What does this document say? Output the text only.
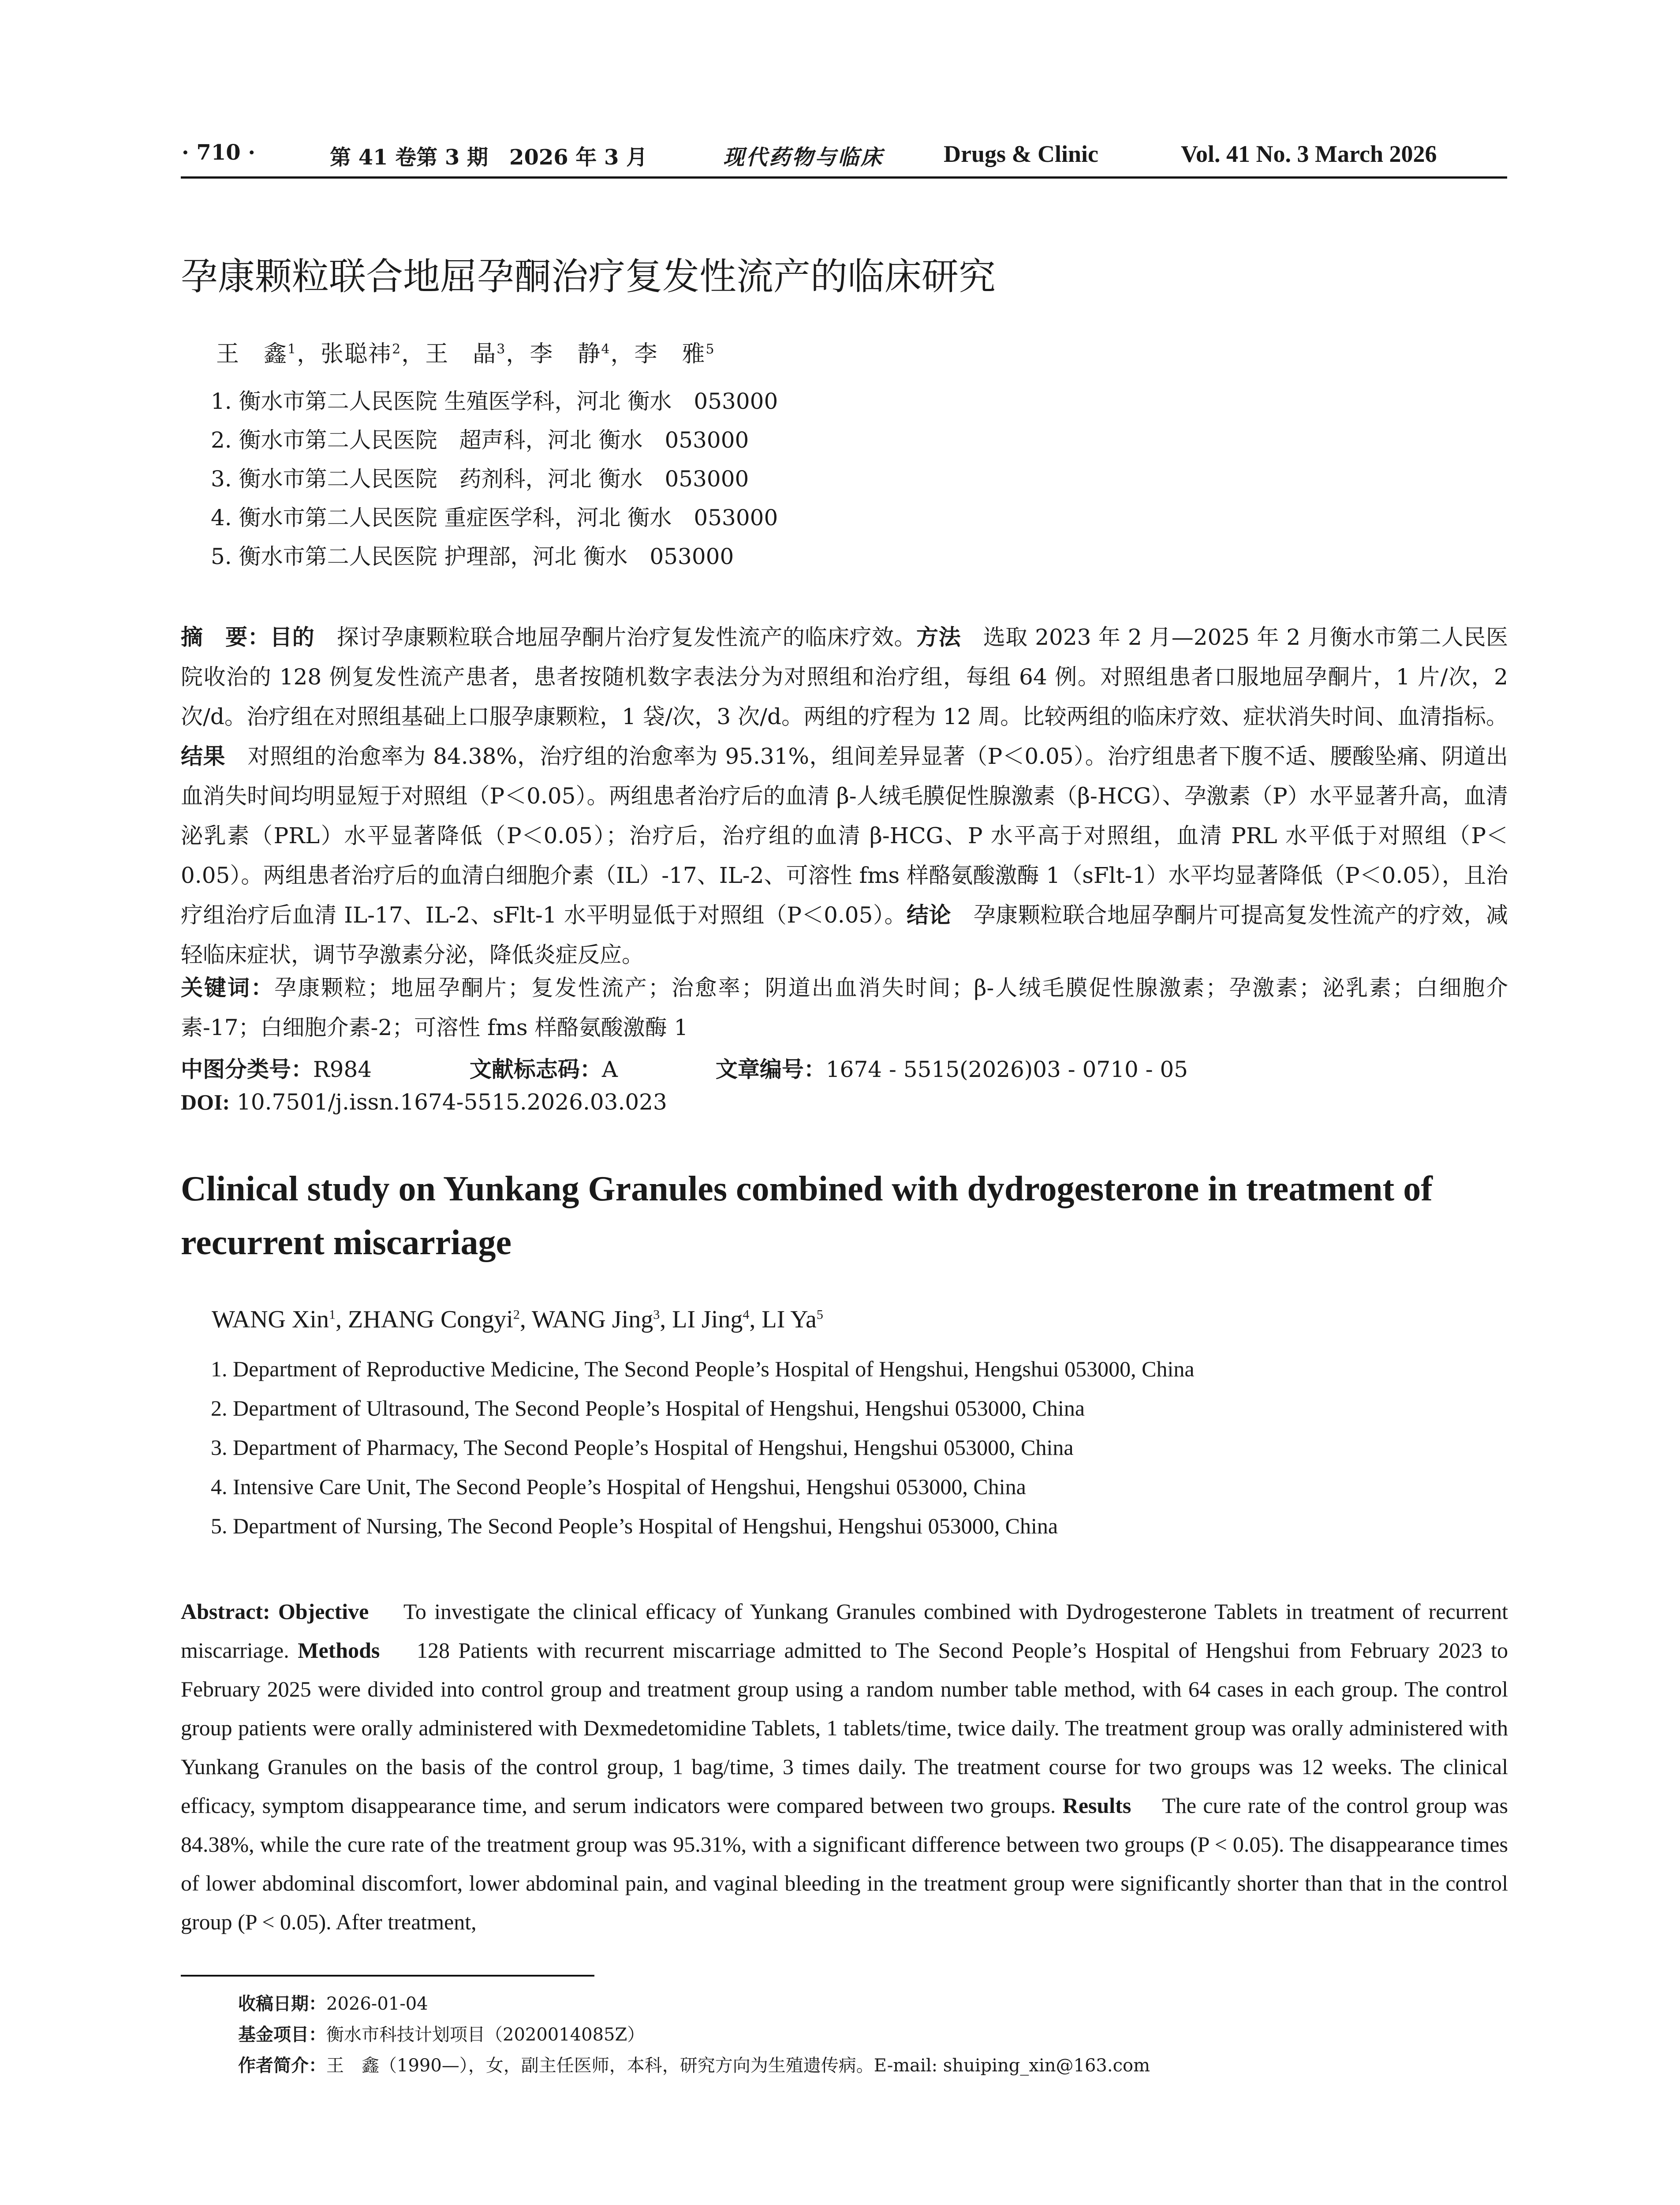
· 710 ·	第 41 卷第 3 期　2026 年 3 月	现代药物与临床	Drugs & Clinic	Vol. 41 No. 3 March 2026
孕康颗粒联合地屈孕酮治疗复发性流产的临床研究
王　鑫$^1$，张聪祎$^2$，王　晶$^3$，李　静$^4$，李　雅$^5$
1. 衡水市第二人民医院 生殖医学科，河北 衡水　053000
2. 衡水市第二人民医院　超声科，河北 衡水　053000
3. 衡水市第二人民医院　药剂科，河北 衡水　053000
4. 衡水市第二人民医院 重症医学科，河北 衡水　053000
5. 衡水市第二人民医院 护理部，河北 衡水　053000
摘　要：目的　 探讨孕康颗粒联合地屈孕酮片治疗复发性流产的临床疗效。方法　 选取 2023 年 2 月—2025 年 2 月衡水市第二人民医院收治的 128 例复发性流产患者，患者按随机数字表法分为对照组和治疗组，每组 64 例。对照组患者口服地屈孕酮片，1 片/次，2 次/d。治疗组在对照组基础上口服孕康颗粒，1 袋/次，3 次/d。两组的疗程为 12 周。比较两组的临床疗效、症状消失时间、血清指标。结果　 对照组的治愈率为 84.38%，治疗组的治愈率为 95.31%，组间差异显著（P＜0.05）。治疗组患者下腹不适、腰酸坠痛、阴道出血消失时间均明显短于对照组（P＜0.05）。两组患者治疗后的血清 β-人绒毛膜促性腺激素（β-HCG）、孕激素（P）水平显著升高，血清泌乳素（PRL）水平显著降低（P＜0.05）；治疗后，治疗组的血清 β-HCG、P 水平高于对照组，血清 PRL 水平低于对照组（P＜0.05）。两组患者治疗后的血清白细胞介素（IL）-17、IL-2、可溶性 fms 样酪氨酸激酶 1（sFlt-1）水平均显著降低（P＜0.05），且治疗组治疗后血清 IL-17、IL-2、sFlt-1 水平明显低于对照组（P＜0.05）。结论　 孕康颗粒联合地屈孕酮片可提高复发性流产的疗效，减轻临床症状，调节孕激素分泌，降低炎症反应。
关键词：孕康颗粒；地屈孕酮片；复发性流产；治愈率；阴道出血消失时间；β-人绒毛膜促性腺激素；孕激素；泌乳素；白细胞介素-17；白细胞介素-2；可溶性 fms 样酪氨酸激酶 1
中图分类号：R984	文献标志码：A	文章编号：1674 - 5515(2026)03 - 0710 - 05
DOI: 10.7501/j.issn.1674-5515.2026.03.023
Clinical study on Yunkang Granules combined with dydrogesterone in treatment of recurrent miscarriage
WANG Xin$^1$, ZHANG Congyi$^2$, WANG Jing$^3$, LI Jing$^4$, LI Ya$^5$
1. Department of Reproductive Medicine, The Second People’s Hospital of Hengshui, Hengshui 053000, China
2. Department of Ultrasound, The Second People’s Hospital of Hengshui, Hengshui 053000, China
3. Department of Pharmacy, The Second People’s Hospital of Hengshui, Hengshui 053000, China
4. Intensive Care Unit, The Second People’s Hospital of Hengshui, Hengshui 053000, China
5. Department of Nursing, The Second People’s Hospital of Hengshui, Hengshui 053000, China
Abstract: Objective　 To investigate the clinical efficacy of Yunkang Granules combined with Dydrogesterone Tablets in treatment of recurrent miscarriage. Methods　 128 Patients with recurrent miscarriage admitted to The Second People’s Hospital of Hengshui from February 2023 to February 2025 were divided into control group and treatment group using a random number table method, with 64 cases in each group. The control group patients were orally administered with Dexmedetomidine Tablets, 1 tablets/time, twice daily. The treatment group was orally administered with Yunkang Granules on the basis of the control group, 1 bag/time, 3 times daily. The treatment course for two groups was 12 weeks. The clinical efficacy, symptom disappearance time, and serum indicators were compared between two groups. Results　 The cure rate of the control group was 84.38%, while the cure rate of the treatment group was 95.31%, with a significant difference between two groups (P < 0.05). The disappearance times of lower abdominal discomfort, lower abdominal pain, and vaginal bleeding in the treatment group were significantly shorter than that in the control group (P < 0.05). After treatment,
收稿日期：2026-01-04
基金项目：衡水市科技计划项目（2020014085Z）
作者简介：王　鑫（1990—），女，副主任医师，本科，研究方向为生殖遗传病。E-mail: shuiping_xin@163.com
